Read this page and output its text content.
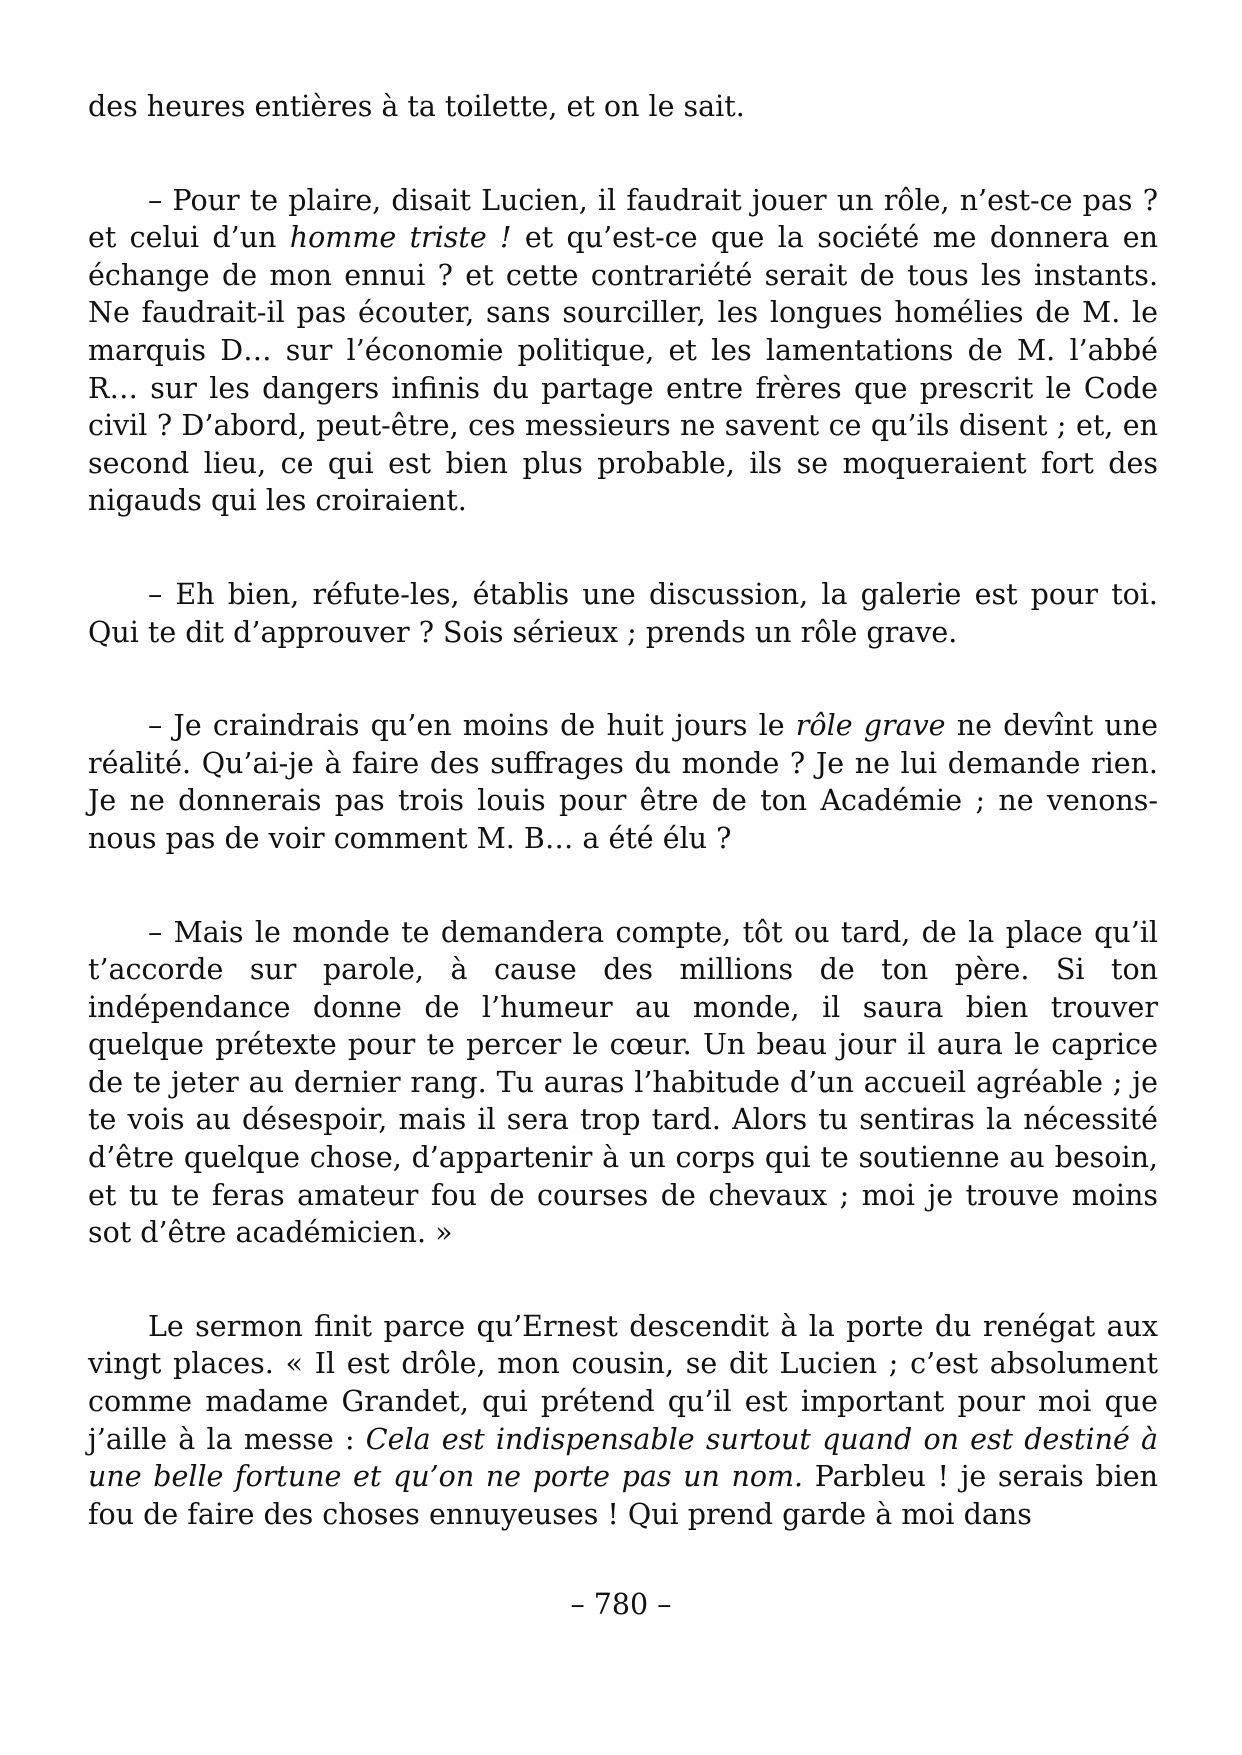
des heures entières à ta toilette, et on le sait.

– Pour te plaire, disait Lucien, il faudrait jouer un rôle, n’est-ce pas ? et celui d’un homme triste ! et qu’est-ce que la société me donnera en échange de mon ennui ? et cette contrariété serait de tous les instants. Ne faudrait-il pas écouter, sans sourciller, les longues homélies de M. le marquis D… sur l’économie politique, et les lamentations de M. l’abbé R… sur les dangers infinis du partage entre frères que prescrit le Code civil ? D’abord, peut-être, ces messieurs ne savent ce qu’ils disent ; et, en second lieu, ce qui est bien plus probable, ils se moqueraient fort des nigauds qui les croiraient.

– Eh bien, réfute-les, établis une discussion, la galerie est pour toi. Qui te dit d’approuver ? Sois sérieux ; prends un rôle grave.

– Je craindrais qu’en moins de huit jours le rôle grave ne devînt une réalité. Qu’ai-je à faire des suffrages du monde ? Je ne lui demande rien. Je ne donnerais pas trois louis pour être de ton Académie ; ne venons-nous pas de voir comment M. B… a été élu ?

– Mais le monde te demandera compte, tôt ou tard, de la place qu’il t’accorde sur parole, à cause des millions de ton père. Si ton indépendance donne de l’humeur au monde, il saura bien trouver quelque prétexte pour te percer le cœur. Un beau jour il aura le caprice de te jeter au dernier rang. Tu auras l’habitude d’un accueil agréable ; je te vois au désespoir, mais il sera trop tard. Alors tu sentiras la nécessité d’être quelque chose, d’appartenir à un corps qui te soutienne au besoin, et tu te feras amateur fou de courses de chevaux ; moi je trouve moins sot d’être académicien. »

Le sermon finit parce qu’Ernest descendit à la porte du renégat aux vingt places. « Il est drôle, mon cousin, se dit Lucien ; c’est absolument comme madame Grandet, qui prétend qu’il est important pour moi que j’aille à la messe : Cela est indispensable surtout quand on est destiné à une belle fortune et qu’on ne porte pas un nom. Parbleu ! je serais bien fou de faire des choses ennuyeuses ! Qui prend garde à moi dans

– 780 –
